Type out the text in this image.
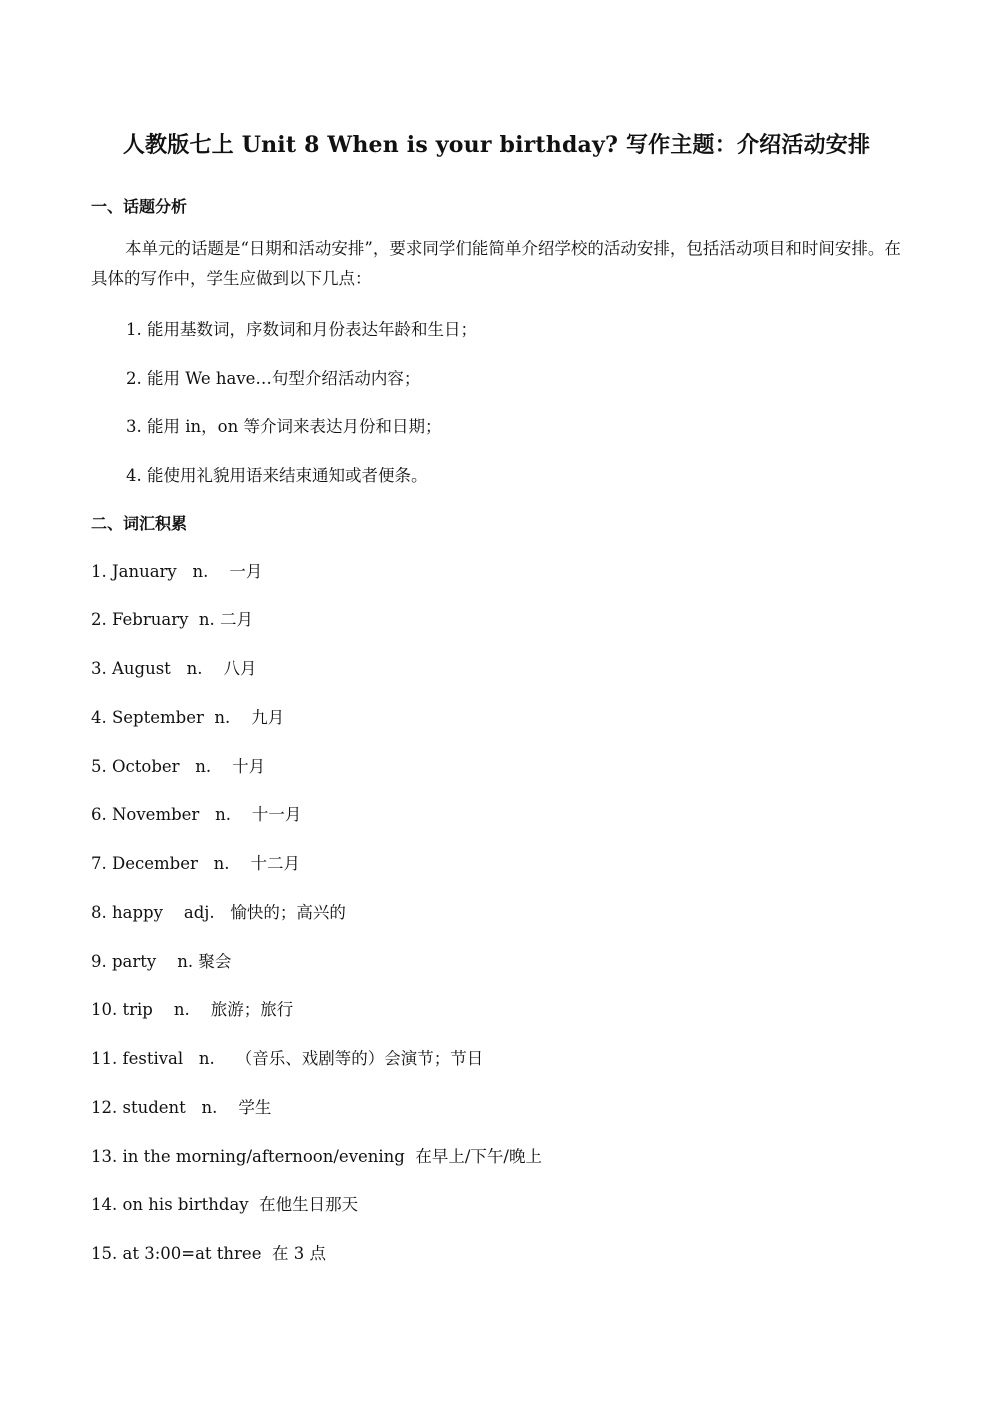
人教版七上 Unit 8 When is your birthday? 写作主题：介绍活动安排
一、话题分析

本单元的话题是“日期和活动安排”，要求同学们能简单介绍学校的活动安排，包括活动项目和时间安排。在具体的写作中，学生应做到以下几点：

1. 能用基数词，序数词和月份表达年龄和生日；
2. 能用 We have…句型介绍活动内容；
3. 能用 in，on 等介词来表达月份和日期；
4. 能使用礼貌用语来结束通知或者便条。
二、词汇积累
1. January n. 一月
2. February n. 二月
3. August n. 八月
4. September n. 九月
5. October n. 十月
6. November n. 十一月
7. December n. 十二月
8. happy adj. 愉快的；高兴的
9. party n. 聚会
10. trip n. 旅游；旅行
11. festival n. （音乐、戏剧等的）会演节；节日
12. student n. 学生
13. in the morning/afternoon/evening 在早上/下午/晚上
14. on his birthday 在他生日那天
15. at 3:00=at three 在 3 点
